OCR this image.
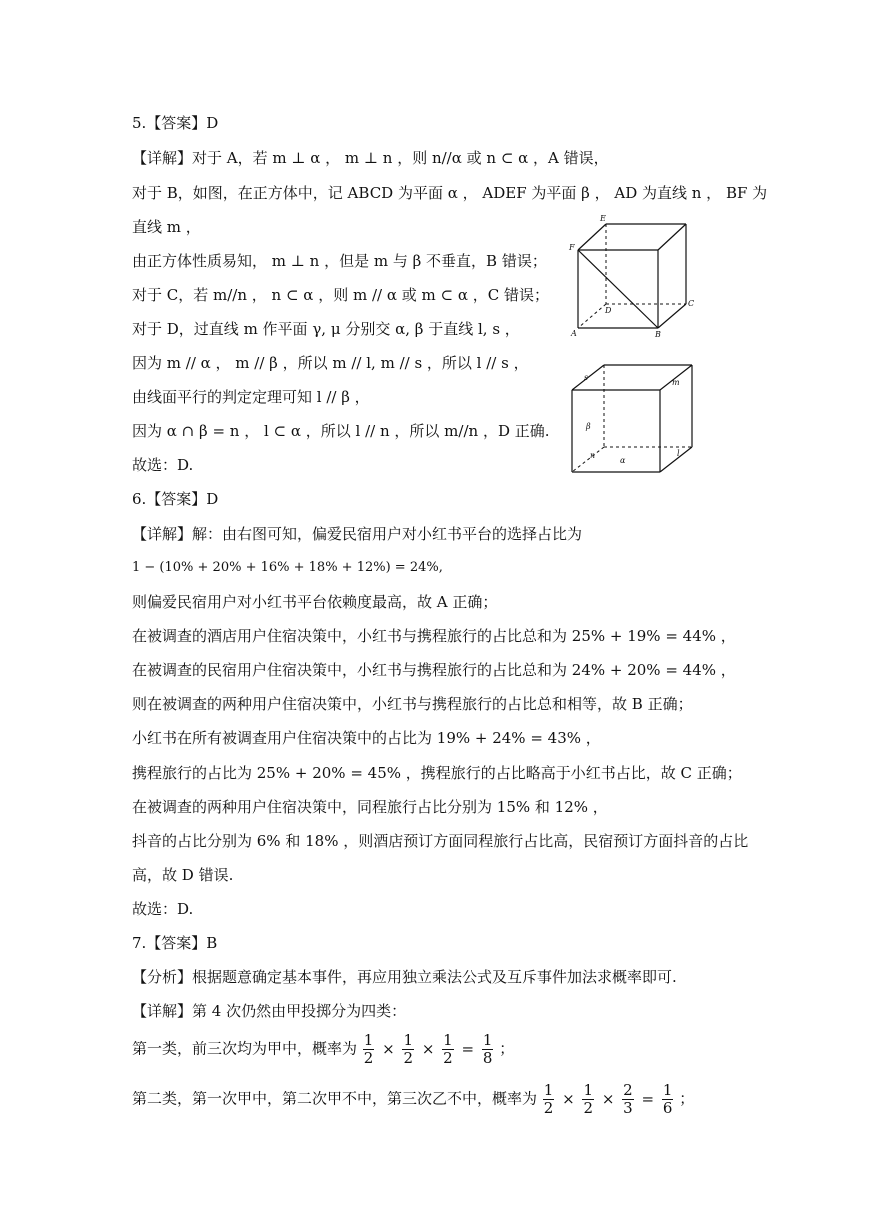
5.【答案】D
【详解】对于 A，若 m ⊥ α ， m ⊥ n ，则 n//α 或 n ⊂ α ，A 错误，
对于 B，如图，在正方体中，记 ABCD 为平面 α ， ADEF 为平面 β ， AD 为直线 n ， BF 为
直线 m ，
由正方体性质易知， m ⊥ n ，但是 m 与 β 不垂直，B 错误；
对于 C，若 m//n ， n ⊂ α ，则 m // α 或 m ⊂ α ，C 错误；
对于 D，过直线 m 作平面 γ, μ 分别交 α, β 于直线 l, s ，
因为 m // α ， m // β ，所以 m // l, m // s ，所以 l // s ，
由线面平行的判定定理可知 l // β ，
因为 α ∩ β = n ， l ⊂ α ，所以 l // n ，所以 m//n ，D 正确.
故选：D.
6.【答案】D
【详解】解：由右图可知，偏爱民宿用户对小红书平台的选择占比为
1 − (10% + 20% + 16% + 18% + 12%) = 24%,
则偏爱民宿用户对小红书平台依赖度最高，故 A 正确；
在被调查的酒店用户住宿决策中，小红书与携程旅行的占比总和为 25% + 19% = 44% ，
在被调查的民宿用户住宿决策中，小红书与携程旅行的占比总和为 24% + 20% = 44% ，
则在被调查的两种用户住宿决策中，小红书与携程旅行的占比总和相等，故 B 正确；
小红书在所有被调查用户住宿决策中的占比为 19% + 24% = 43% ，
携程旅行的占比为 25% + 20% = 45% ，携程旅行的占比略高于小红书占比，故 C 正确；
在被调查的两种用户住宿决策中，同程旅行占比分别为 15% 和 12% ，
抖音的占比分别为 6% 和 18% ，则酒店预订方面同程旅行占比高，民宿预订方面抖音的占比
高，故 D 错误.
故选：D.
7.【答案】B
【分析】根据题意确定基本事件，再应用独立乘法公式及互斥事件加法求概率即可.
【详解】第 4 次仍然由甲投掷分为四类：
第一类，前三次均为甲中，概率为 $\frac{1}{2} \times \frac{1}{2} \times \frac{1}{2} = \frac{1}{8}$ ；
第二类，第一次甲中，第二次甲不中，第三次乙不中，概率为 $\frac{1}{2} \times \frac{1}{2} \times \frac{2}{3} = \frac{1}{6}$ ；
E
F
D
C
A	B
s
m
β
n
α
l
